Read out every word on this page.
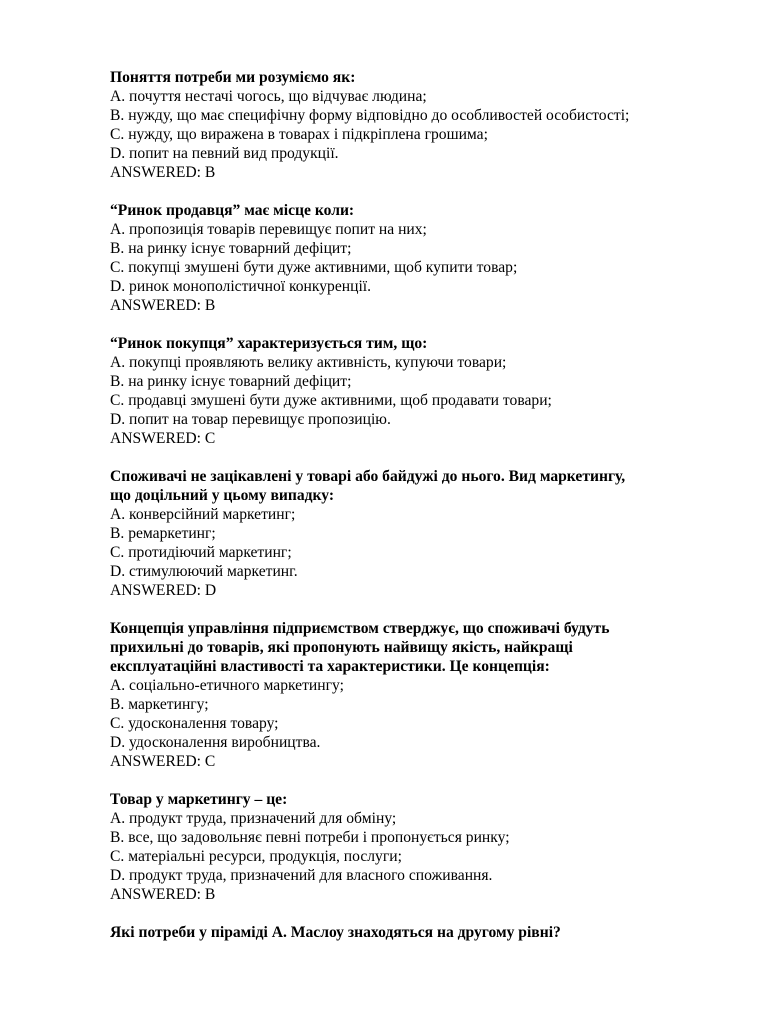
Поняття потреби ми розуміємо як:
A. почуття нестачі чогось, що відчуває людина;
B. нужду, що має специфічну форму відповідно до особливостей особистості;
C. нужду, що виражена в товарах і підкріплена грошима;
D. попит на певний вид продукції.
ANSWERED: B
“Ринок продавця” має місце коли:
A. пропозиція товарів перевищує попит на них;
B. на ринку існує товарний дефіцит;
C. покупці змушені бути дуже активними, щоб купити товар;
D. ринок монополістичної конкуренції.
ANSWERED: B
“Ринок покупця” характеризується тим, що:
A. покупці проявляють велику активність, купуючи товари;
B. на ринку існує товарний дефіцит;
C. продавці змушені бути дуже активними, щоб продавати товари;
D. попит на товар перевищує пропозицію.
ANSWERED: C
Споживачі не зацікавлені у товарі або байдужі до нього. Вид маркетингу,
що доцільний у цьому випадку:
A. конверсійний маркетинг;
B. ремаркетинг;
C. протидіючий маркетинг;
D. стимулюючий маркетинг.
ANSWERED: D
Концепція управління підприємством стверджує, що споживачі будуть
прихильні до товарів, які пропонують найвищу якість, найкращі
експлуатаційні властивості та характеристики. Це концепція:
A. соціально-етичного маркетингу;
B. маркетингу;
C. удосконалення товару;
D. удосконалення виробництва.
ANSWERED: C
Товар у маркетингу – це:
A. продукт труда, призначений для обміну;
B. все, що задовольняє певні потреби і пропонується ринку;
C. матеріальні ресурси, продукція, послуги;
D. продукт труда, призначений для власного споживання.
ANSWERED: B
Які потреби у піраміді А. Маслоу знаходяться на другому рівні?
